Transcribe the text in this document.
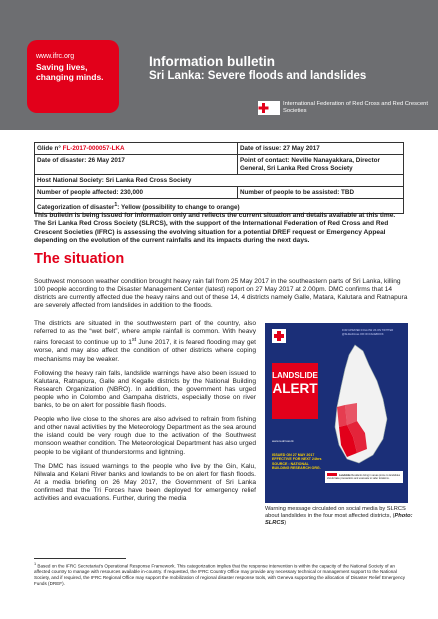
www.ifrc.org
Saving lives, changing minds.
Information bulletin
Sri Lanka: Severe floods and landslides
International Federation of Red Cross and Red Crescent Societies
Glide n° FL-2017-000057-LKA	Date of issue: 27 May 2017
Date of disaster: 26 May 2017	Point of contact: Neville Nanayakkara, Director General, Sri Lanka Red Cross Society
Host National Society: Sri Lanka Red Cross Society	
Number of people affected: 230,000	Number of people to be assisted: TBD
Categorization of disaster$^1$: Yellow (possibility to change to orange)	
This bulletin is being issued for information only and reflects the current situation and details available at this time. The Sri Lanka Red Cross Society (SLRCS), with the support of the International Federation of Red Cross and Red Crescent Societies (IFRC) is assessing the evolving situation for a potential DREF request or Emergency Appeal depending on the evolution of the current rainfalls and its impacts during the next days.
The situation
Southwest monsoon weather condition brought heavy rain fall from 25 May 2017 in the southeastern parts of Sri Lanka, killing 100 people according to the Disaster Management Center (latest) report on 27 May 2017 at 2.00pm. DMC confirms that 14 districts are currently affected due the heavy rains and out of these 14, 4 districts namely Galle, Matara, Kalutara and Ratnapura are severely affected from landslides in addition to the floods.

The districts are situated in the southwestern part of the country, also referred to as the “wet belt”, where ample rainfall is common. With heavy rains forecast to continue up to 1st June 2017, it is feared flooding may get worse, and may also affect the condition of other districts where coping mechanisms may be weaker.

Following the heavy rain falls, landslide warnings have also been issued to Kalutara, Ratnapura, Galle and Kegalle districts by the National Building Research Organization (NBRO). In addition, the government has urged people who in Colombo and Gampaha districts, especially those on river banks, to be on alert for possible flash floods.

People who live close to the shores are also advised to refrain from fishing and other naval activities by the Meteorology Department as the sea around the island could be very rough due to the activation of the Southwest monsoon weather condition. The Meteorological Department has also urged people to be vigilant of thunderstorms and lightning.

The DMC has issued warnings to the people who live by the Gin, Kalu, Nilwala and Kelani River banks and lowlands to be on alert for flash floods. At a media briefing on 26 May 2017, the Government of Sri Lanka confirmed that the Tri Forces have been deployed for emergency relief activities and evacuations. Further, during the media

FOR UPDATED FOLLOW US ON TWITTER @SLRedCross OR ON FACEBOOK
LANDSLIDE
ALERT
www.redcross.lk
ISSUED ON 27 MAY 2017 EFFECTIVE FOR NEXT 24hrs SOURCE : NATIONAL BUILDING RESEARCH ORG.
Landslide Residents living in areas prone to landslides should take precautions and evacuate to safer locations.
Warning message circulated on social media by SLRCS about landslides in the four most affected districts, (Photo: SLRCS)
$^1$ Based on the IFRC Secretariat's Operational Response Framework. This categorization implies that the response intervention is within the capacity of the National Society of an affected country to manage with resources available in-country. If requested, the IFRC Country Office may provide any necessary technical or management support to the National Society, and if required, the IFRC Regional Office may support the mobilization of regional disaster response tools, with Geneva supporting the allocation of Disaster Relief Emergency Funds (DREF).
